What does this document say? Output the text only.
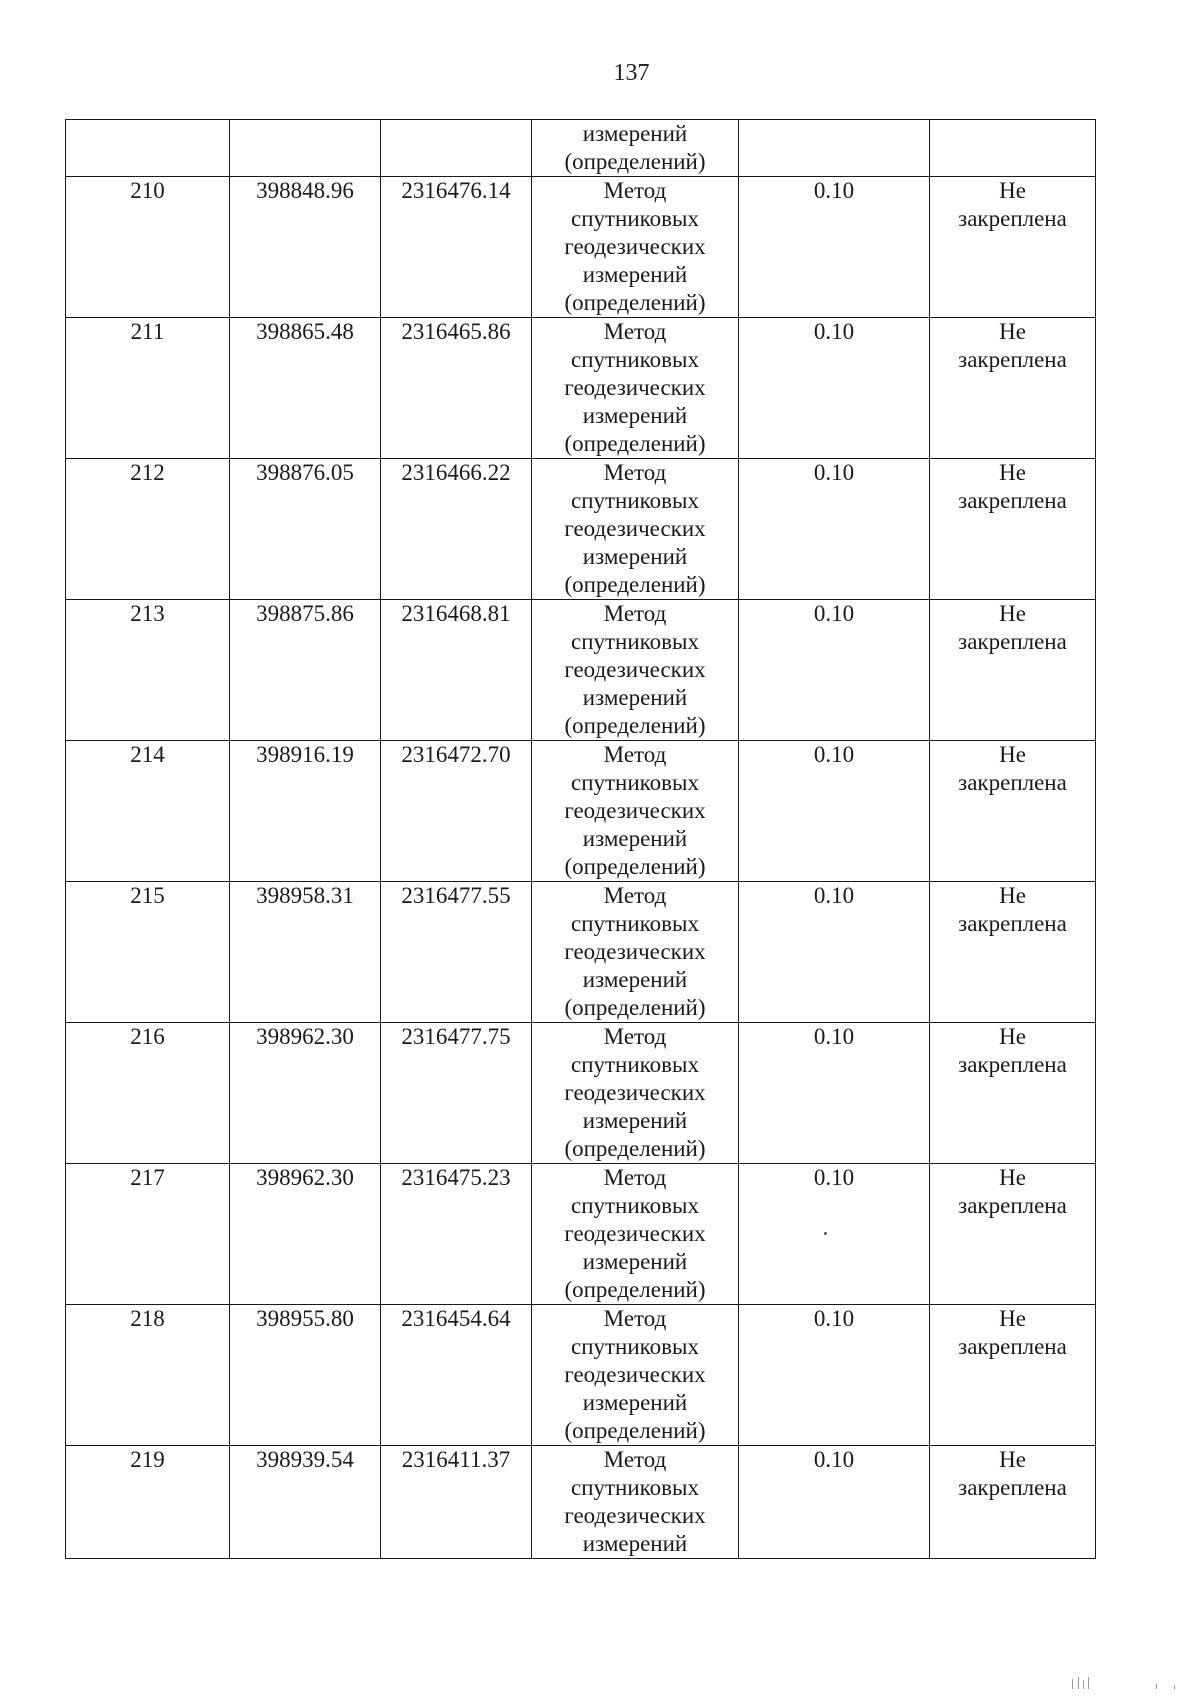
137
			измерений
(определений)		
210	398848.96	2316476.14	Метод
спутниковых
геодезических
измерений
(определений)	0.10	Не
закреплена
211	398865.48	2316465.86	Метод
спутниковых
геодезических
измерений
(определений)	0.10	Не
закреплена
212	398876.05	2316466.22	Метод
спутниковых
геодезических
измерений
(определений)	0.10	Не
закреплена
213	398875.86	2316468.81	Метод
спутниковых
геодезических
измерений
(определений)	0.10	Не
закреплена
214	398916.19	2316472.70	Метод
спутниковых
геодезических
измерений
(определений)	0.10	Не
закреплена
215	398958.31	2316477.55	Метод
спутниковых
геодезических
измерений
(определений)	0.10	Не
закреплена
216	398962.30	2316477.75	Метод
спутниковых
геодезических
измерений
(определений)	0.10	Не
закреплена
217	398962.30	2316475.23	Метод
спутниковых
геодезических
измерений
(определений)	0.10	Не
закреплена
218	398955.80	2316454.64	Метод
спутниковых
геодезических
измерений
(определений)	0.10	Не
закреплена
219	398939.54	2316411.37	Метод
спутниковых
геодезических
измерений	0.10	Не
закреплена
